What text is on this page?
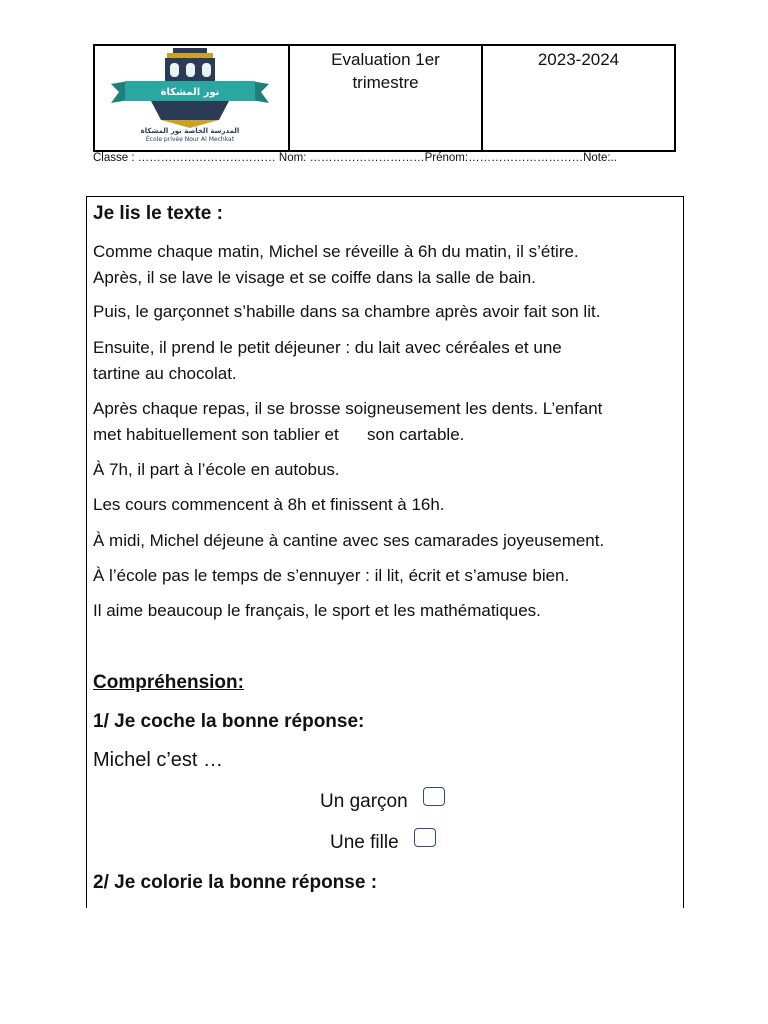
المدرسة الخاصة نور المشكاة
École privée Nour Al Mechkat
نور المشكاة
Evaluation 1er trimestre
2023-2024
Classe : ……………………………… Nom: …………………………Prénom:…………………………Note:..
Je lis le texte :
Comme chaque matin, Michel se réveille à 6h du matin, il s’étire.
Après, il se lave le visage et se coiffe dans la salle de bain.
Puis, le garçonnet s’habille dans sa chambre après avoir fait son lit.
Ensuite, il prend le petit déjeuner : du lait avec céréales et une
tartine au chocolat.
Après chaque repas, il se brosse soigneusement les dents. L’enfant
met habituellement son tablier et      son cartable.
À 7h, il part à l’école en autobus.
Les cours commencent à 8h et finissent à 16h.
À midi, Michel déjeune à cantine avec ses camarades joyeusement.
À l’école pas le temps de s’ennuyer : il lit, écrit et s’amuse bien.
Il aime beaucoup le français, le sport et les mathématiques.
Compréhension:
1/ Je coche la bonne réponse:
Michel c’est …
Un garçon
Une fille
2/ Je colorie la bonne réponse :
